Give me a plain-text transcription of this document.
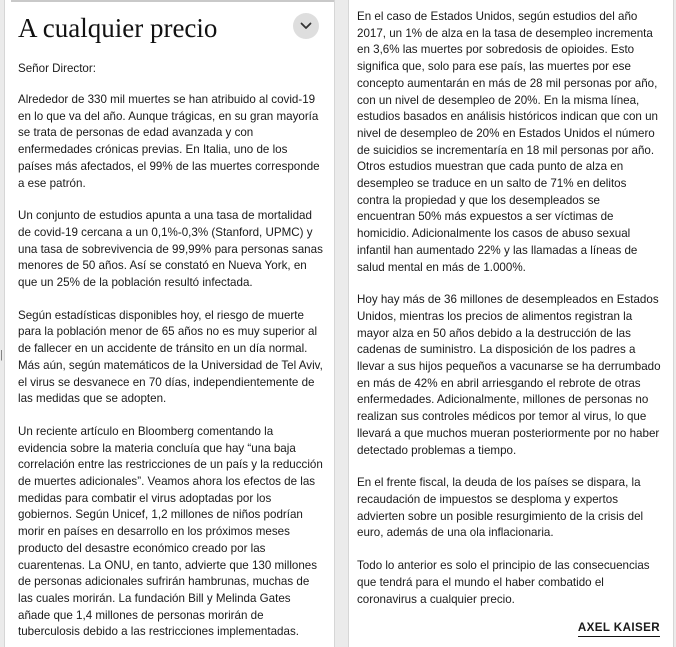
|
A cualquier precio

Señor Director:

Alrededor de 330 mil muertes se han atribuido al covid-19 en lo que va del año. Aunque trágicas, en su gran mayoría se trata de personas de edad avanzada y con enfermedades crónicas previas. En Italia, uno de los países más afectados, el 99% de las muertes corresponde a ese patrón.

Un conjunto de estudios apunta a una tasa de mortalidad de covid-19 cercana a un 0,1%-0,3% (Stanford, UPMC) y una tasa de sobrevivencia de 99,99% para personas sanas menores de 50 años. Así se constató en Nueva York, en que un 25% de la población resultó infectada.

Según estadísticas disponibles hoy, el riesgo de muerte para la población menor de 65 años no es muy superior al de fallecer en un accidente de tránsito en un día normal. Más aún, según matemáticos de la Universidad de Tel Aviv, el virus se desvanece en 70 días, independientemente de las medidas que se adopten.

Un reciente artículo en Bloomberg comentando la evidencia sobre la materia concluía que hay “una baja correlación entre las restricciones de un país y la reducción de muertes adicionales”. Veamos ahora los efectos de las medidas para combatir el virus adoptadas por los gobiernos. Según Unicef, 1,2 millones de niños podrían morir en países en desarrollo en los próximos meses producto del desastre económico creado por las cuarentenas. La ONU, en tanto, advierte que 130 millones de personas adicionales sufrirán hambrunas, muchas de las cuales morirán. La fundación Bill y Melinda Gates añade que 1,4 millones de personas morirán de tuberculosis debido a las restricciones implementadas.

En el caso de Estados Unidos, según estudios del año 2017, un 1% de alza en la tasa de desempleo incrementa en 3,6% las muertes por sobredosis de opioides. Esto significa que, solo para ese país, las muertes por ese concepto aumentarán en más de 28 mil personas por año, con un nivel de desempleo de 20%. En la misma línea, estudios basados en análisis históricos indican que con un nivel de desempleo de 20% en Estados Unidos el número de suicidios se incrementaría en 18 mil personas por año. Otros estudios muestran que cada punto de alza en desempleo se traduce en un salto de 71% en delitos contra la propiedad y que los desempleados se encuentran 50% más expuestos a ser víctimas de homicidio. Adicionalmente los casos de abuso sexual infantil han aumentado 22% y las llamadas a líneas de salud mental en más de 1.000%.

Hoy hay más de 36 millones de desempleados en Estados Unidos, mientras los precios de alimentos registran la mayor alza en 50 años debido a la destrucción de las cadenas de suministro. La disposición de los padres a llevar a sus hijos pequeños a vacunarse se ha derrumbado en más de 42% en abril arriesgando el rebrote de otras enfermedades. Adicionalmente, millones de personas no realizan sus controles médicos por temor al virus, lo que llevará a que muchos mueran posteriormente por no haber detectado problemas a tiempo.

En el frente fiscal, la deuda de los países se dispara, la recaudación de impuestos se desploma y expertos advierten sobre un posible resurgimiento de la crisis del euro, además de una ola inflacionaria.

Todo lo anterior es solo el principio de las consecuencias que tendrá para el mundo el haber combatido el coronavirus a cualquier precio.

AXEL KAISER
